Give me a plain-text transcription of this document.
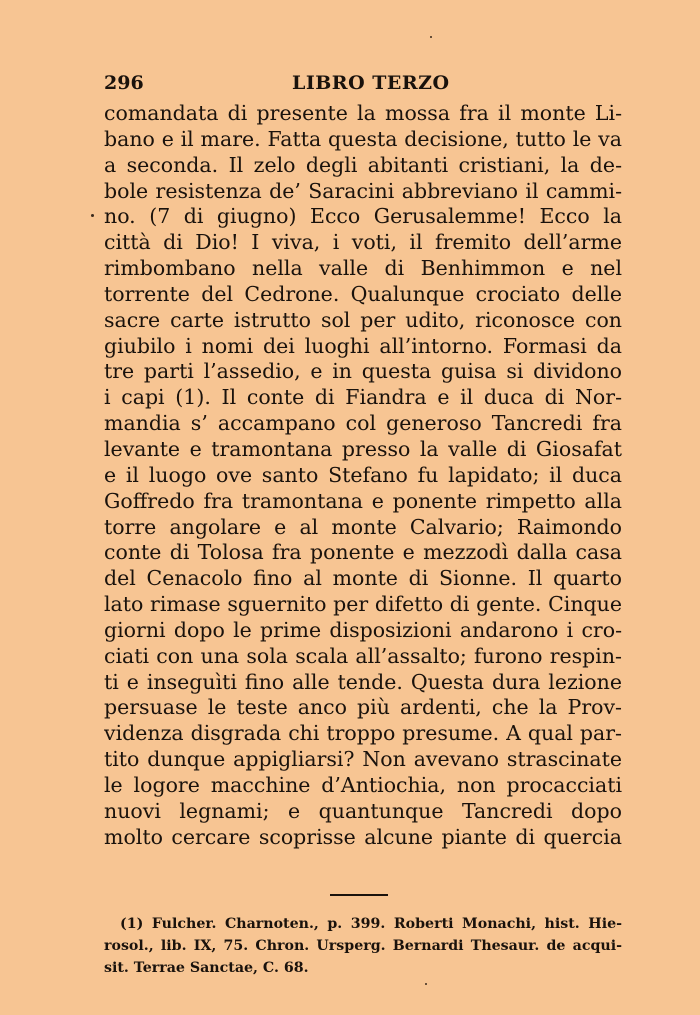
296	LIBRO TERZO
comandata di presente la mossa fra il monte Li-
bano e il mare. Fatta questa decisione, tutto le va
a seconda. Il zelo degli abitanti cristiani, la de-
bole resistenza de’ Saracini abbreviano il cammi-
no. (7 di giugno) Ecco Gerusalemme! Ecco la
città di Dio! I viva, i voti, il fremito dell’arme
rimbombano nella valle di Benhimmon e nel
torrente del Cedrone. Qualunque crociato delle
sacre carte istrutto sol per udito, riconosce con
giubilo i nomi dei luoghi all’intorno. Formasi da
tre parti l’assedio, e in questa guisa si dividono
i capi (1). Il conte di Fiandra e il duca di Nor-
mandia s’ accampano col generoso Tancredi fra
levante e tramontana presso la valle di Giosafat
e il luogo ove santo Stefano fu lapidato; il duca
Goffredo fra tramontana e ponente rimpetto alla
torre angolare e al monte Calvario; Raimondo
conte di Tolosa fra ponente e mezzodì dalla casa
del Cenacolo fino al monte di Sionne. Il quarto
lato rimase sguernito per difetto di gente. Cinque
giorni dopo le prime disposizioni andarono i cro-
ciati con una sola scala all’assalto; furono respin-
ti e inseguìti fino alle tende. Questa dura lezione
persuase le teste anco più ardenti, che la Prov-
videnza disgrada chi troppo presume. A qual par-
tito dunque appigliarsi? Non avevano strascinate
le logore macchine d’Antiochia, non procacciati
nuovi legnami; e quantunque Tancredi dopo
molto cercare scoprisse alcune piante di quercia
(1) Fulcher. Charnoten., p. 399. Roberti Monachi, hist. Hie-
rosol., lib. IX, 75. Chron. Ursperg. Bernardi Thesaur. de acqui-
sit. Terrae Sanctae, C. 68.
